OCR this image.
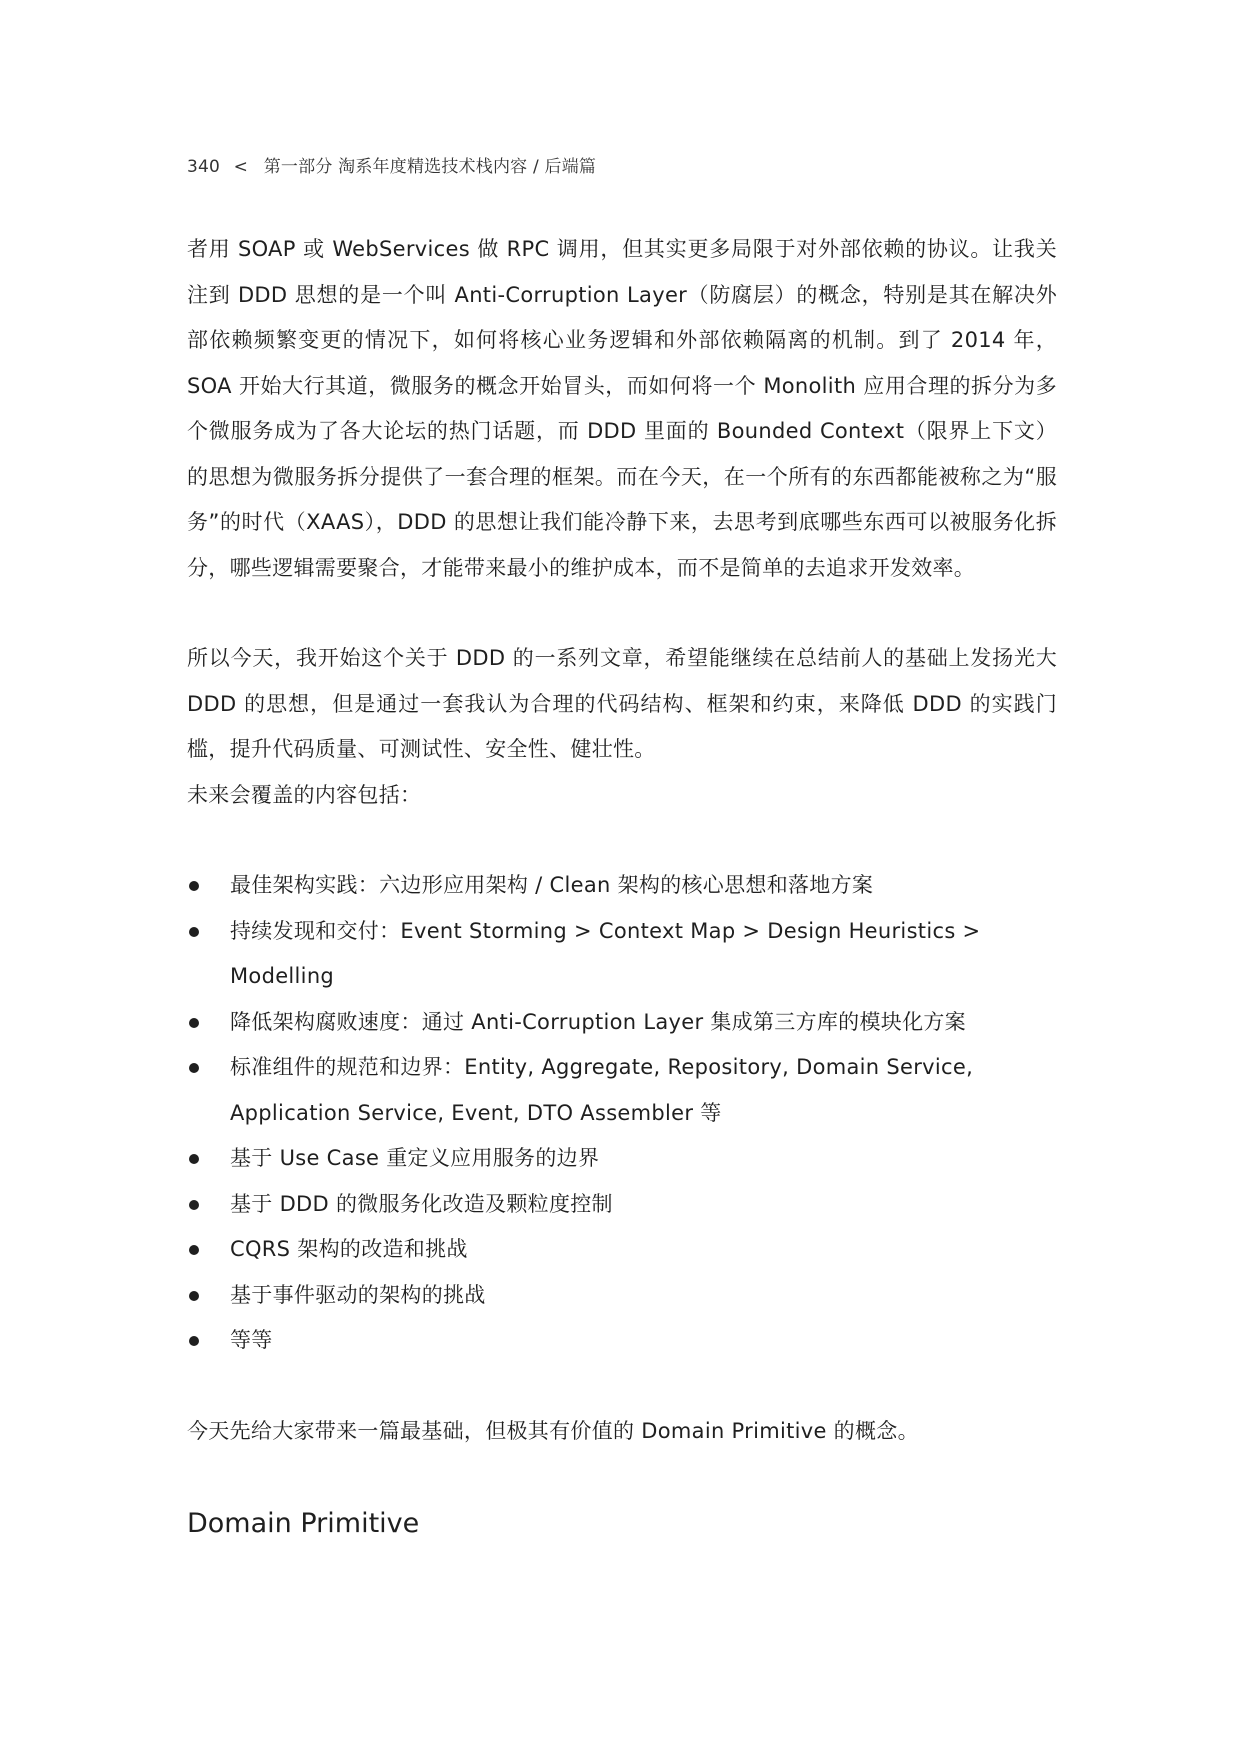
340 < 第一部分 淘系年度精选技术栈内容 / 后端篇

者用 SOAP 或 WebServices 做 RPC 调用，但其实更多局限于对外部依赖的协议。让我关注到 DDD 思想的是一个叫 Anti-Corruption Layer（防腐层）的概念，特别是其在解决外部依赖频繁变更的情况下，如何将核心业务逻辑和外部依赖隔离的机制。到了 2014 年，SOA 开始大行其道，微服务的概念开始冒头，而如何将一个 Monolith 应用合理的拆分为多个微服务成为了各大论坛的热门话题，而 DDD 里面的 Bounded Context（限界上下文）的思想为微服务拆分提供了一套合理的框架。而在今天，在一个所有的东西都能被称之为“服务”的时代（XAAS），DDD 的思想让我们能冷静下来，去思考到底哪些东西可以被服务化拆分，哪些逻辑需要聚合，才能带来最小的维护成本，而不是简单的去追求开发效率。

所以今天，我开始这个关于 DDD 的一系列文章，希望能继续在总结前人的基础上发扬光大 DDD 的思想，但是通过一套我认为合理的代码结构、框架和约束，来降低 DDD 的实践门槛，提升代码质量、可测试性、安全性、健壮性。

未来会覆盖的内容包括：

最佳架构实践：六边形应用架构 / Clean 架构的核心思想和落地方案
持续发现和交付：Event Storming > Context Map > Design Heuristics > Modelling
降低架构腐败速度：通过 Anti-Corruption Layer 集成第三方库的模块化方案
标准组件的规范和边界：Entity, Aggregate, Repository, Domain Service, Application Service, Event, DTO Assembler 等
基于 Use Case 重定义应用服务的边界
基于 DDD 的微服务化改造及颗粒度控制
CQRS 架构的改造和挑战
基于事件驱动的架构的挑战
等等

今天先给大家带来一篇最基础，但极其有价值的 Domain Primitive 的概念。

Domain Primitive
